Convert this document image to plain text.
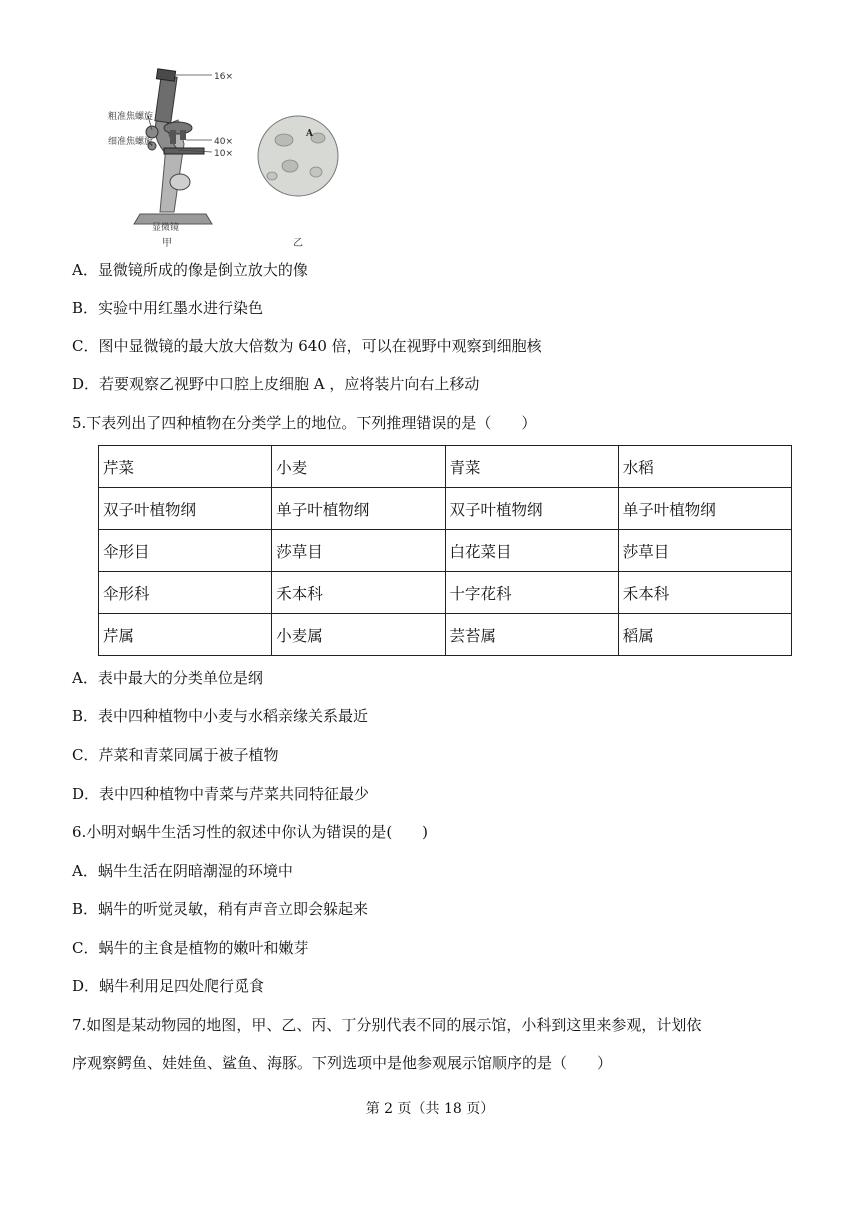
16×
粗准焦螺旋
细准焦螺旋	40×
10×
显微镜
甲
A
乙
A．显微镜所成的像是倒立放大的像
B．实验中用红墨水进行染色
C．图中显微镜的最大放大倍数为 640 倍，可以在视野中观察到细胞核
D．若要观察乙视野中口腔上皮细胞 A ，应将装片向右上移动
5.下表列出了四种植物在分类学上的地位。下列推理错误的是（　　）
芹菜	小麦	青菜	水稻
双子叶植物纲	单子叶植物纲	双子叶植物纲	单子叶植物纲
伞形目	莎草目	白花菜目	莎草目
伞形科	禾本科	十字花科	禾本科
芹属	小麦属	芸苔属	稻属
A．表中最大的分类单位是纲
B．表中四种植物中小麦与水稻亲缘关系最近
C．芹菜和青菜同属于被子植物
D．表中四种植物中青菜与芹菜共同特征最少
6.小明对蜗牛生活习性的叙述中你认为错误的是(　　)
A．蜗牛生活在阴暗潮湿的环境中
B．蜗牛的听觉灵敏，稍有声音立即会躲起来
C．蜗牛的主食是植物的嫩叶和嫩芽
D．蜗牛利用足四处爬行觅食
7.如图是某动物园的地图，甲、乙、丙、丁分别代表不同的展示馆，小科到这里来参观，计划依
序观察鳄鱼、娃娃鱼、鲨鱼、海豚。下列选项中是他参观展示馆顺序的是（　　）
第 2 页（共 18 页）
